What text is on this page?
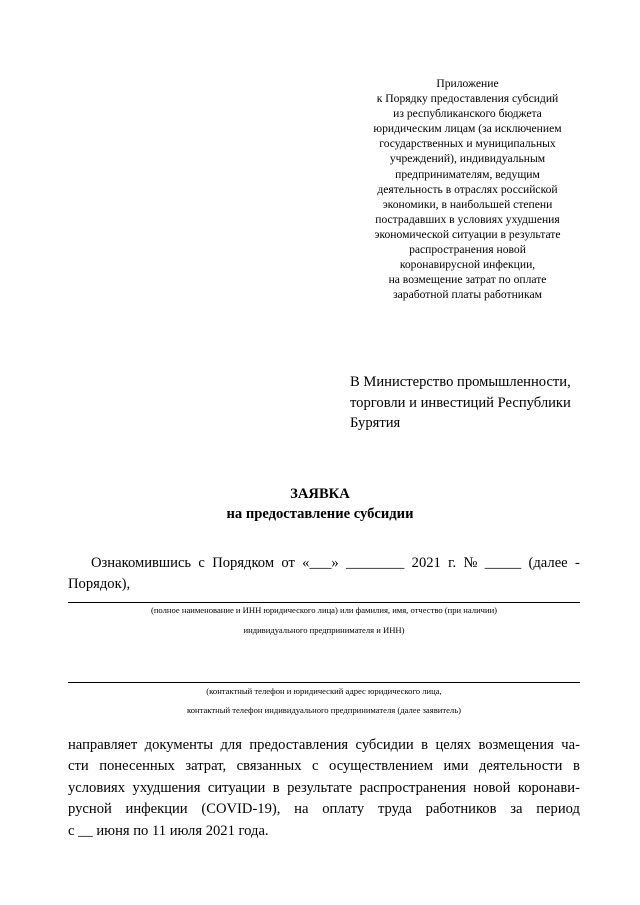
Приложение
к Порядку предоставления субсидий
из республиканского бюджета
юридическим лицам (за исключением
государственных и муниципальных
учреждений), индивидуальным
предпринимателям, ведущим
деятельность в отраслях российской
экономики, в наибольшей степени
пострадавших в условиях ухудшения
экономической ситуации в результате
распространения новой
коронавирусной инфекции,
на возмещение затрат по оплате
заработной платы работникам
В Министерство промышленности,
торговли и инвестиций Республики
Бурятия
ЗАЯВКА
на предоставление субсидии
Ознакомившись с Порядком от «___» ________ 2021 г. № _____ (далее -
Порядок),
(полное наименование и ИНН юридического лица) или фамилия, имя, отчество (при наличии)
индивидуального предпринимателя и ИНН)
(контактный телефон и юридический адрес юридического лица,
контактный телефон индивидуального предпринимателя (далее заявитель)
направляет документы для предоставления субсидии в целях возмещения ча-
сти понесенных затрат, связанных с осуществлением ими деятельности в
условиях ухудшения ситуации в результате распространения новой коронави-
русной инфекции (COVID-19), на оплату труда работников за период
с __ июня по 11 июля 2021 года.
